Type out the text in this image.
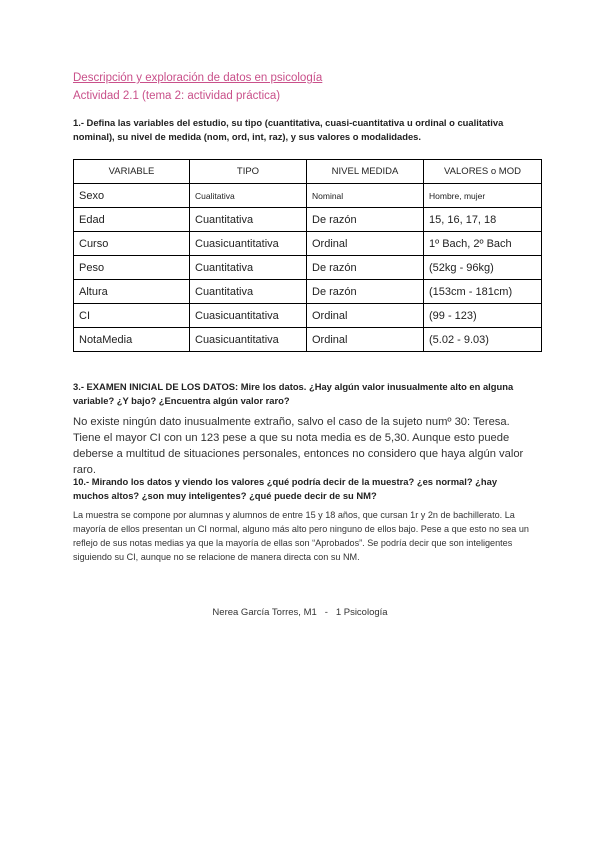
Descripción y exploración de datos en psicología
Actividad 2.1 (tema 2: actividad práctica)
1.- Defina las variables del estudio, su tipo (cuantitativa, cuasi-cuantitativa u ordinal o cualitativa nominal), su nivel de medida (nom, ord, int, raz), y sus valores o modalidades.
VARIABLE	TIPO	NIVEL MEDIDA	VALORES o MOD
Sexo	Cualitativa	Nominal	Hombre, mujer
Edad	Cuantitativa	De razón	15, 16, 17, 18
Curso	Cuasicuantitativa	Ordinal	1º Bach, 2º Bach
Peso	Cuantitativa	De razón	(52kg - 96kg)
Altura	Cuantitativa	De razón	(153cm - 181cm)
CI	Cuasicuantitativa	Ordinal	(99 - 123)
NotaMedia	Cuasicuantitativa	Ordinal	(5.02 - 9.03)
3.- EXAMEN INICIAL DE LOS DATOS: Mire los datos. ¿Hay algún valor inusualmente alto en alguna variable? ¿Y bajo? ¿Encuentra algún valor raro?
No existe ningún dato inusualmente extraño, salvo el caso de la sujeto numº 30: Teresa. Tiene el mayor CI con un 123 pese a que su nota media es de 5,30. Aunque esto puede deberse a multitud de situaciones personales, entonces no considero que haya algún valor raro.
10.- Mirando los datos y viendo los valores ¿qué podría decir de la muestra? ¿es normal? ¿hay muchos altos? ¿son muy inteligentes? ¿qué puede decir de su NM?
La muestra se compone por alumnas y alumnos de entre 15 y 18 años, que cursan 1r y 2n de bachillerato. La mayoría de ellos presentan un CI normal, alguno más alto pero ninguno de ellos bajo. Pese a que esto no sea un reflejo de sus notas medias ya que la mayoría de ellas son “Aprobados”. Se podría decir que son inteligentes siguiendo su CI, aunque no se relacione de manera directa con su NM.
Nerea García Torres, M1 - 1 Psicología
